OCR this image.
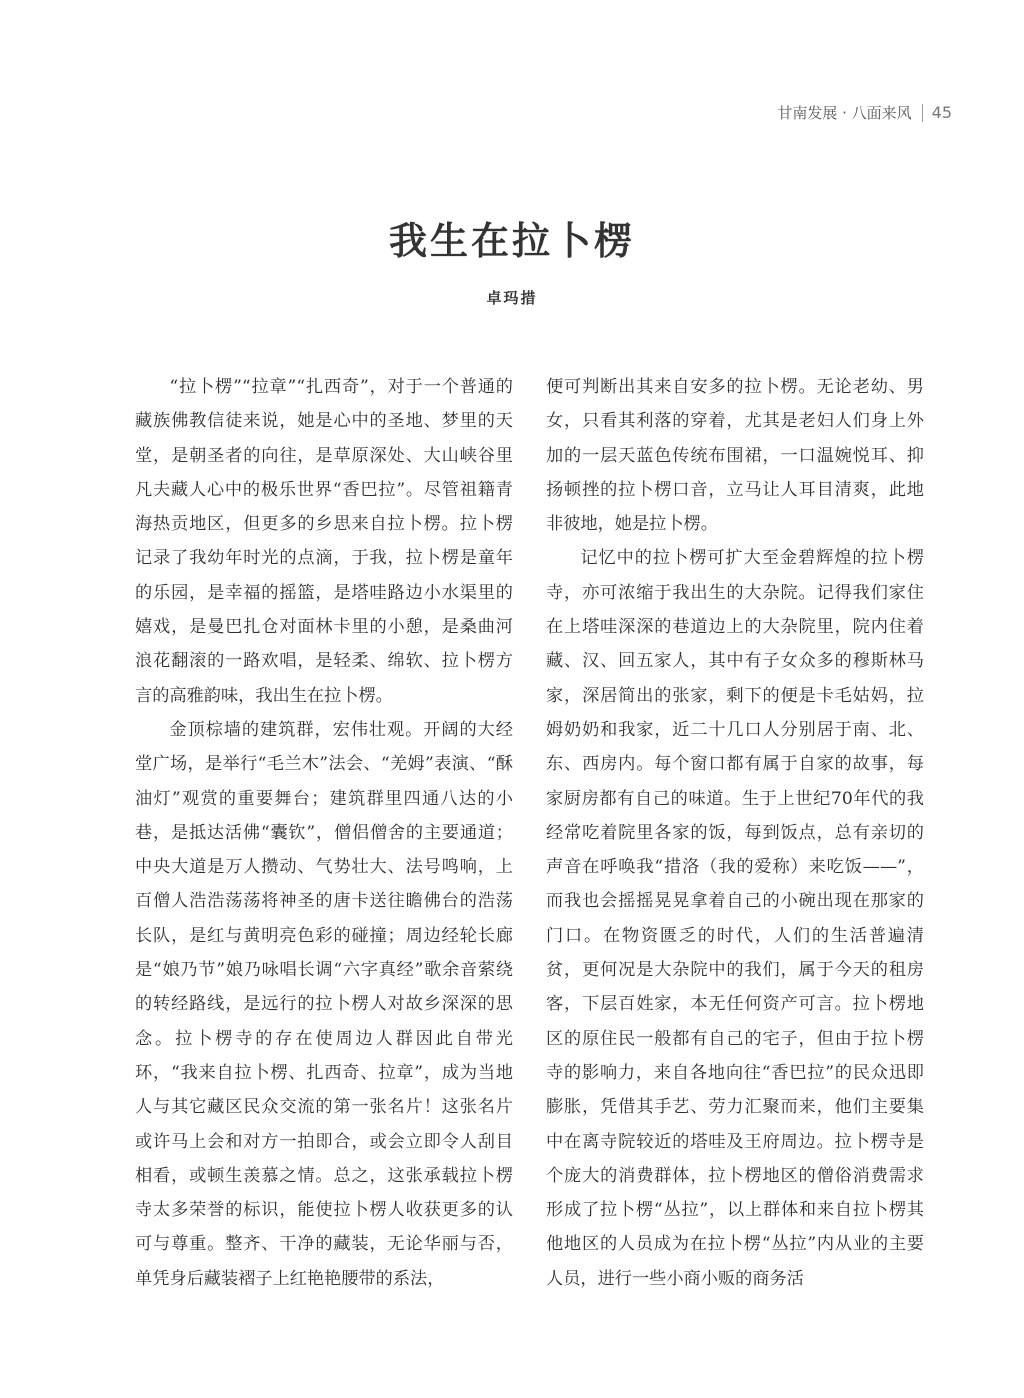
甘南发展 · 八面来风 45
我生在拉卜楞
卓玛措

“拉卜楞”“拉章”“扎西奇”，对于一个普通的藏族佛教信徒来说，她是心中的圣地、梦里的天堂，是朝圣者的向往，是草原深处、大山峡谷里凡夫藏人心中的极乐世界“香巴拉”。尽管祖籍青海热贡地区，但更多的乡思来自拉卜楞。拉卜楞记录了我幼年时光的点滴，于我，拉卜楞是童年的乐园，是幸福的摇篮，是塔哇路边小水渠里的嬉戏，是曼巴扎仓对面林卡里的小憩，是桑曲河浪花翻滚的一路欢唱，是轻柔、绵软、拉卜楞方言的高雅韵味，我出生在拉卜楞。

金顶棕墙的建筑群，宏伟壮观。开阔的大经堂广场，是举行“毛兰木”法会、“羌姆”表演、“酥油灯”观赏的重要舞台；建筑群里四通八达的小巷，是抵达活佛“囊钦”，僧侣僧舍的主要通道；中央大道是万人攒动、气势壮大、法号鸣响，上百僧人浩浩荡荡将神圣的唐卡送往瞻佛台的浩荡长队，是红与黄明亮色彩的碰撞；周边经轮长廊是“娘乃节”娘乃咏唱长调“六字真经”歌余音萦绕的转经路线，是远行的拉卜楞人对故乡深深的思念。拉卜楞寺的存在使周边人群因此自带光环，“我来自拉卜楞、扎西奇、拉章”，成为当地人与其它藏区民众交流的第一张名片！这张名片或许马上会和对方一拍即合，或会立即令人刮目相看，或顿生羡慕之情。总之，这张承载拉卜楞寺太多荣誉的标识，能使拉卜楞人收获更多的认可与尊重。整齐、干净的藏装，无论华丽与否，单凭身后藏装褶子上红艳艳腰带的系法，

便可判断出其来自安多的拉卜楞。无论老幼、男女，只看其利落的穿着，尤其是老妇人们身上外加的一层天蓝色传统布围裙，一口温婉悦耳、抑扬顿挫的拉卜楞口音，立马让人耳目清爽，此地非彼地，她是拉卜楞。

记忆中的拉卜楞可扩大至金碧辉煌的拉卜楞寺，亦可浓缩于我出生的大杂院。记得我们家住在上塔哇深深的巷道边上的大杂院里，院内住着藏、汉、回五家人，其中有子女众多的穆斯林马家，深居简出的张家，剩下的便是卡毛姑妈，拉姆奶奶和我家，近二十几口人分别居于南、北、东、西房内。每个窗口都有属于自家的故事，每家厨房都有自己的味道。生于上世纪70年代的我经常吃着院里各家的饭，每到饭点，总有亲切的声音在呼唤我“措洛（我的爱称）来吃饭——”，而我也会摇摇晃晃拿着自己的小碗出现在那家的门口。在物资匮乏的时代，人们的生活普遍清贫，更何况是大杂院中的我们，属于今天的租房客，下层百姓家，本无任何资产可言。拉卜楞地区的原住民一般都有自己的宅子，但由于拉卜楞寺的影响力，来自各地向往“香巴拉”的民众迅即膨胀，凭借其手艺、劳力汇聚而来，他们主要集中在离寺院较近的塔哇及王府周边。拉卜楞寺是个庞大的消费群体，拉卜楞地区的僧俗消费需求形成了拉卜楞“丛拉”，以上群体和来自拉卜楞其他地区的人员成为在拉卜楞“丛拉”内从业的主要人员，进行一些小商小贩的商务活
